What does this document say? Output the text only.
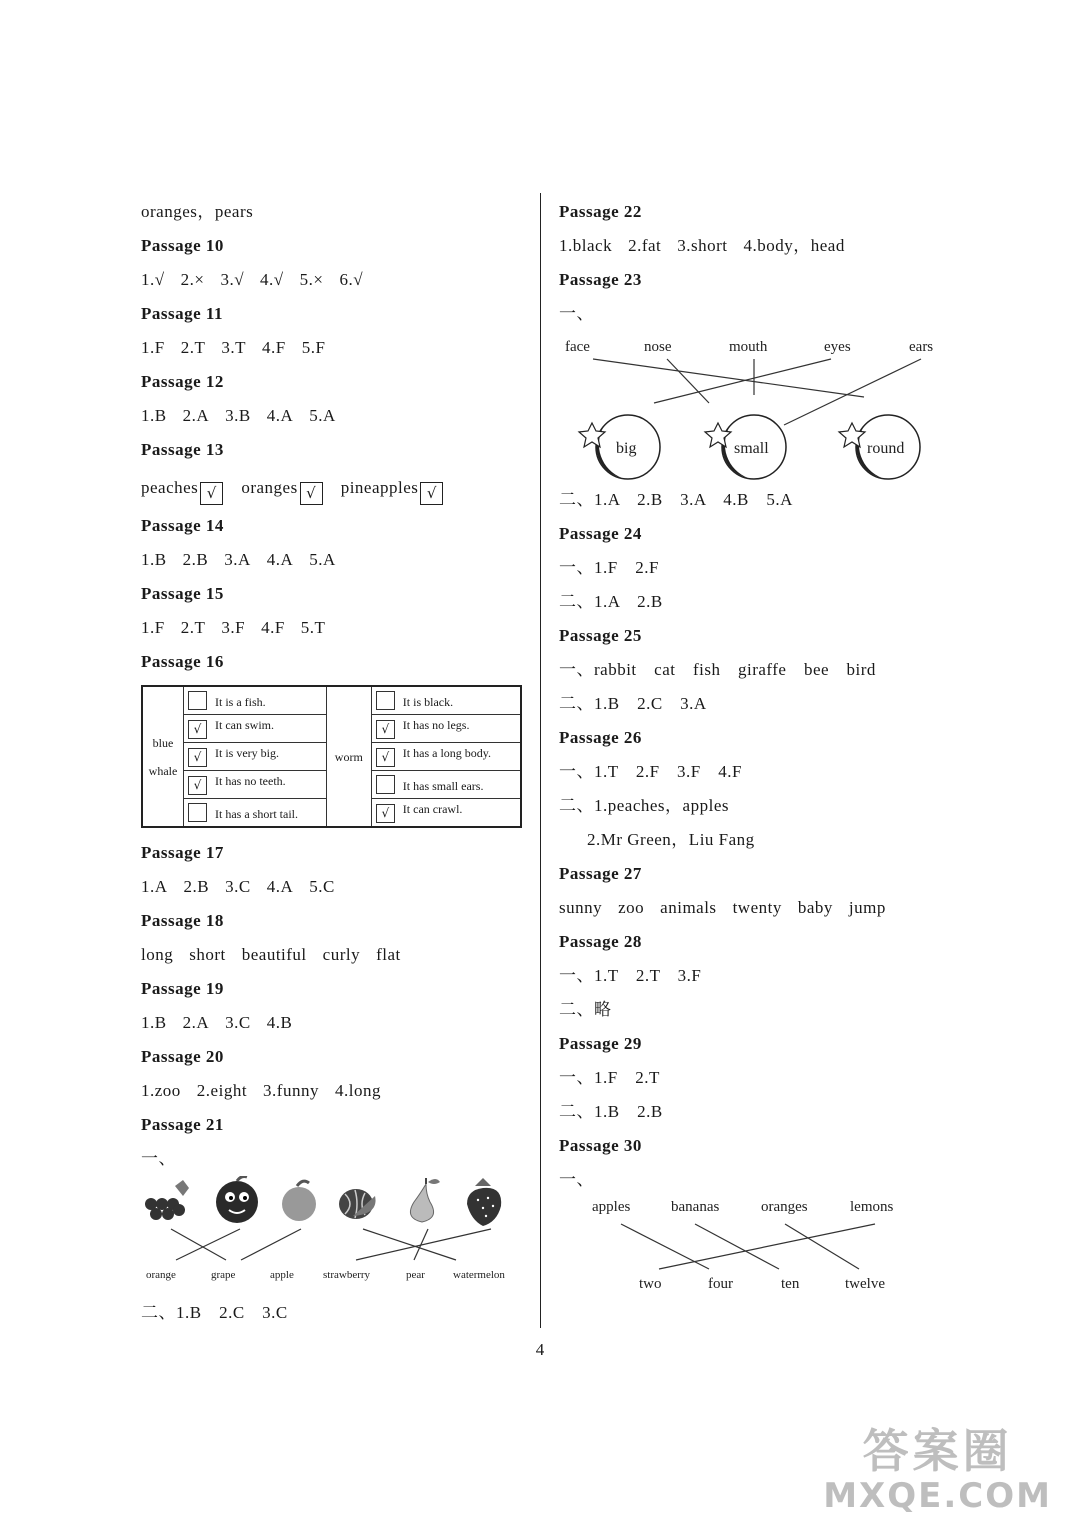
oranges，pears
Passage 10
1.√ 2.× 3.√ 4.√ 5.× 6.√
Passage 11
1.F 2.T 3.T 4.F 5.F
Passage 12
1.B 2.A 3.B 4.A 5.A
Passage 13
peaches √ oranges √ pineapples √
Passage 14
1.B 2.B 3.A 4.A 5.A
Passage 15
1.F 2.T 3.F 4.F 5.T
Passage 16
blue
whale	It is a fish.	worm	It is black.
	√ It can swim.		√ It has no legs.
	√ It is very big.		√ It has a long body.
	√ It has no teeth.		It has small ears.
	It has a short tail.		√ It can crawl.
Passage 17
1.A 2.B 3.C 4.A 5.C
Passage 18
long short beautiful curly flat
Passage 19
1.B 2.A 3.C 4.B
Passage 20
1.zoo 2.eight 3.funny 4.long
Passage 21
一、
orange	grape	apple	strawberry	pear	watermelon
二、1.B　2.C　3.C
Passage 22
1.black 2.fat 3.short 4.body，head
Passage 23
一、
face	nose	mouth	eyes	ears
big	small	round
二、1.A　2.B　3.A　4.B　5.A
Passage 24
一、1.F　2.F
二、1.A　2.B
Passage 25
一、rabbit　cat　fish　giraffe　bee　bird
二、1.B　2.C　3.A
Passage 26
一、1.T　2.F　3.F　4.F
二、1.peaches，apples
2.Mr Green，Liu Fang
Passage 27
sunny zoo animals twenty baby jump
Passage 28
一、1.T　2.T　3.F
二、略
Passage 29
一、1.F　2.T
二、1.B　2.B
Passage 30
一、
apples	bananas	oranges	lemons
two	four	ten	twelve
4
答案圈
MXQE.COM
